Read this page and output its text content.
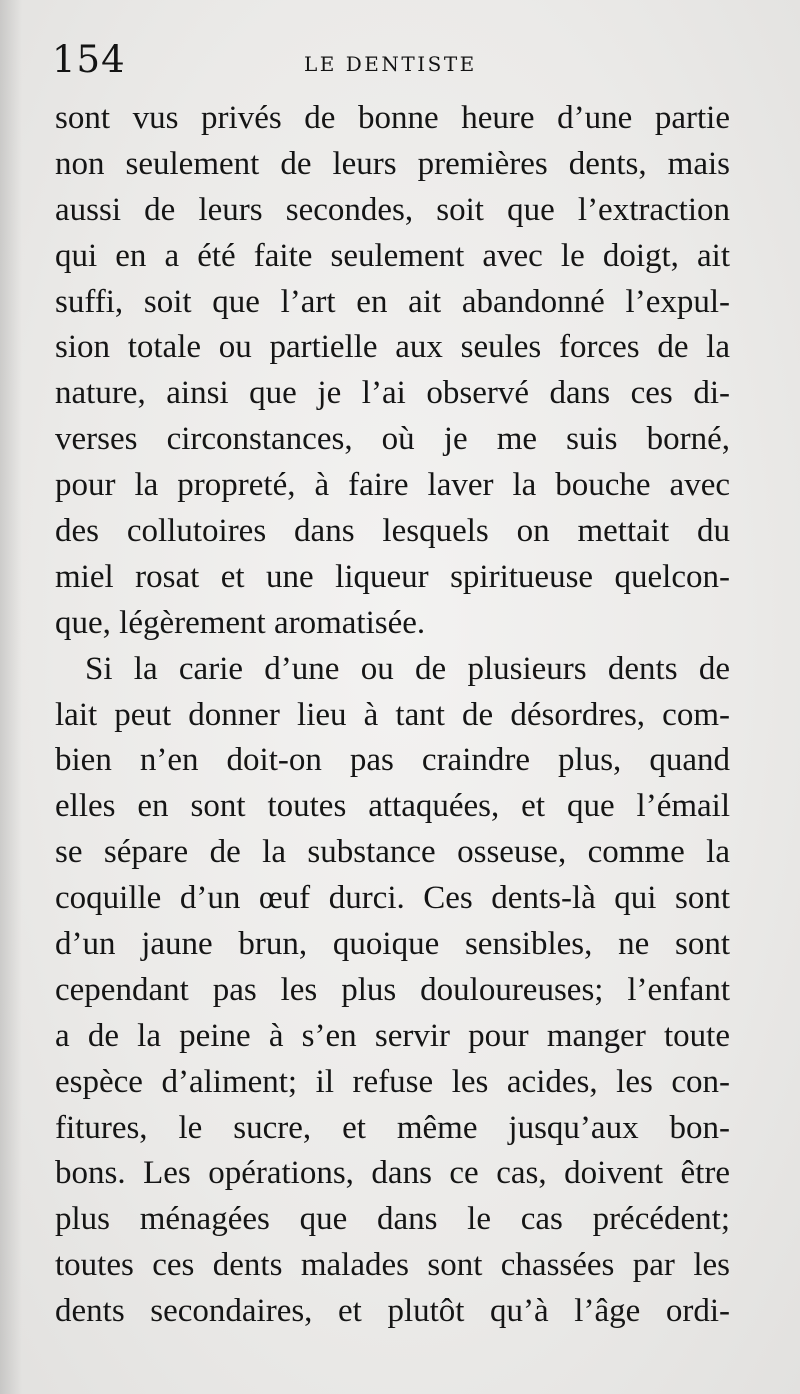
154	LE DENTISTE
sont vus privés de bonne heure d’une partie
non seulement de leurs premières dents, mais
aussi de leurs secondes, soit que l’extraction
qui en a été faite seulement avec le doigt, ait
suffi, soit que l’art en ait abandonné l’expul-
sion totale ou partielle aux seules forces de la
nature, ainsi que je l’ai observé dans ces di-
verses circonstances, où je me suis borné,
pour la propreté, à faire laver la bouche avec
des collutoires dans lesquels on mettait du
miel rosat et une liqueur spiritueuse quelcon-
que, légèrement aromatisée.
Si la carie d’une ou de plusieurs dents de
lait peut donner lieu à tant de désordres, com-
bien n’en doit-on pas craindre plus, quand
elles en sont toutes attaquées, et que l’émail
se sépare de la substance osseuse, comme la
coquille d’un œuf durci. Ces dents-là qui sont
d’un jaune brun, quoique sensibles, ne sont
cependant pas les plus douloureuses; l’enfant
a de la peine à s’en servir pour manger toute
espèce d’aliment; il refuse les acides, les con-
fitures, le sucre, et même jusqu’aux bon-
bons. Les opérations, dans ce cas, doivent être
plus ménagées que dans le cas précédent;
toutes ces dents malades sont chassées par les
dents secondaires, et plutôt qu’à l’âge ordi-
